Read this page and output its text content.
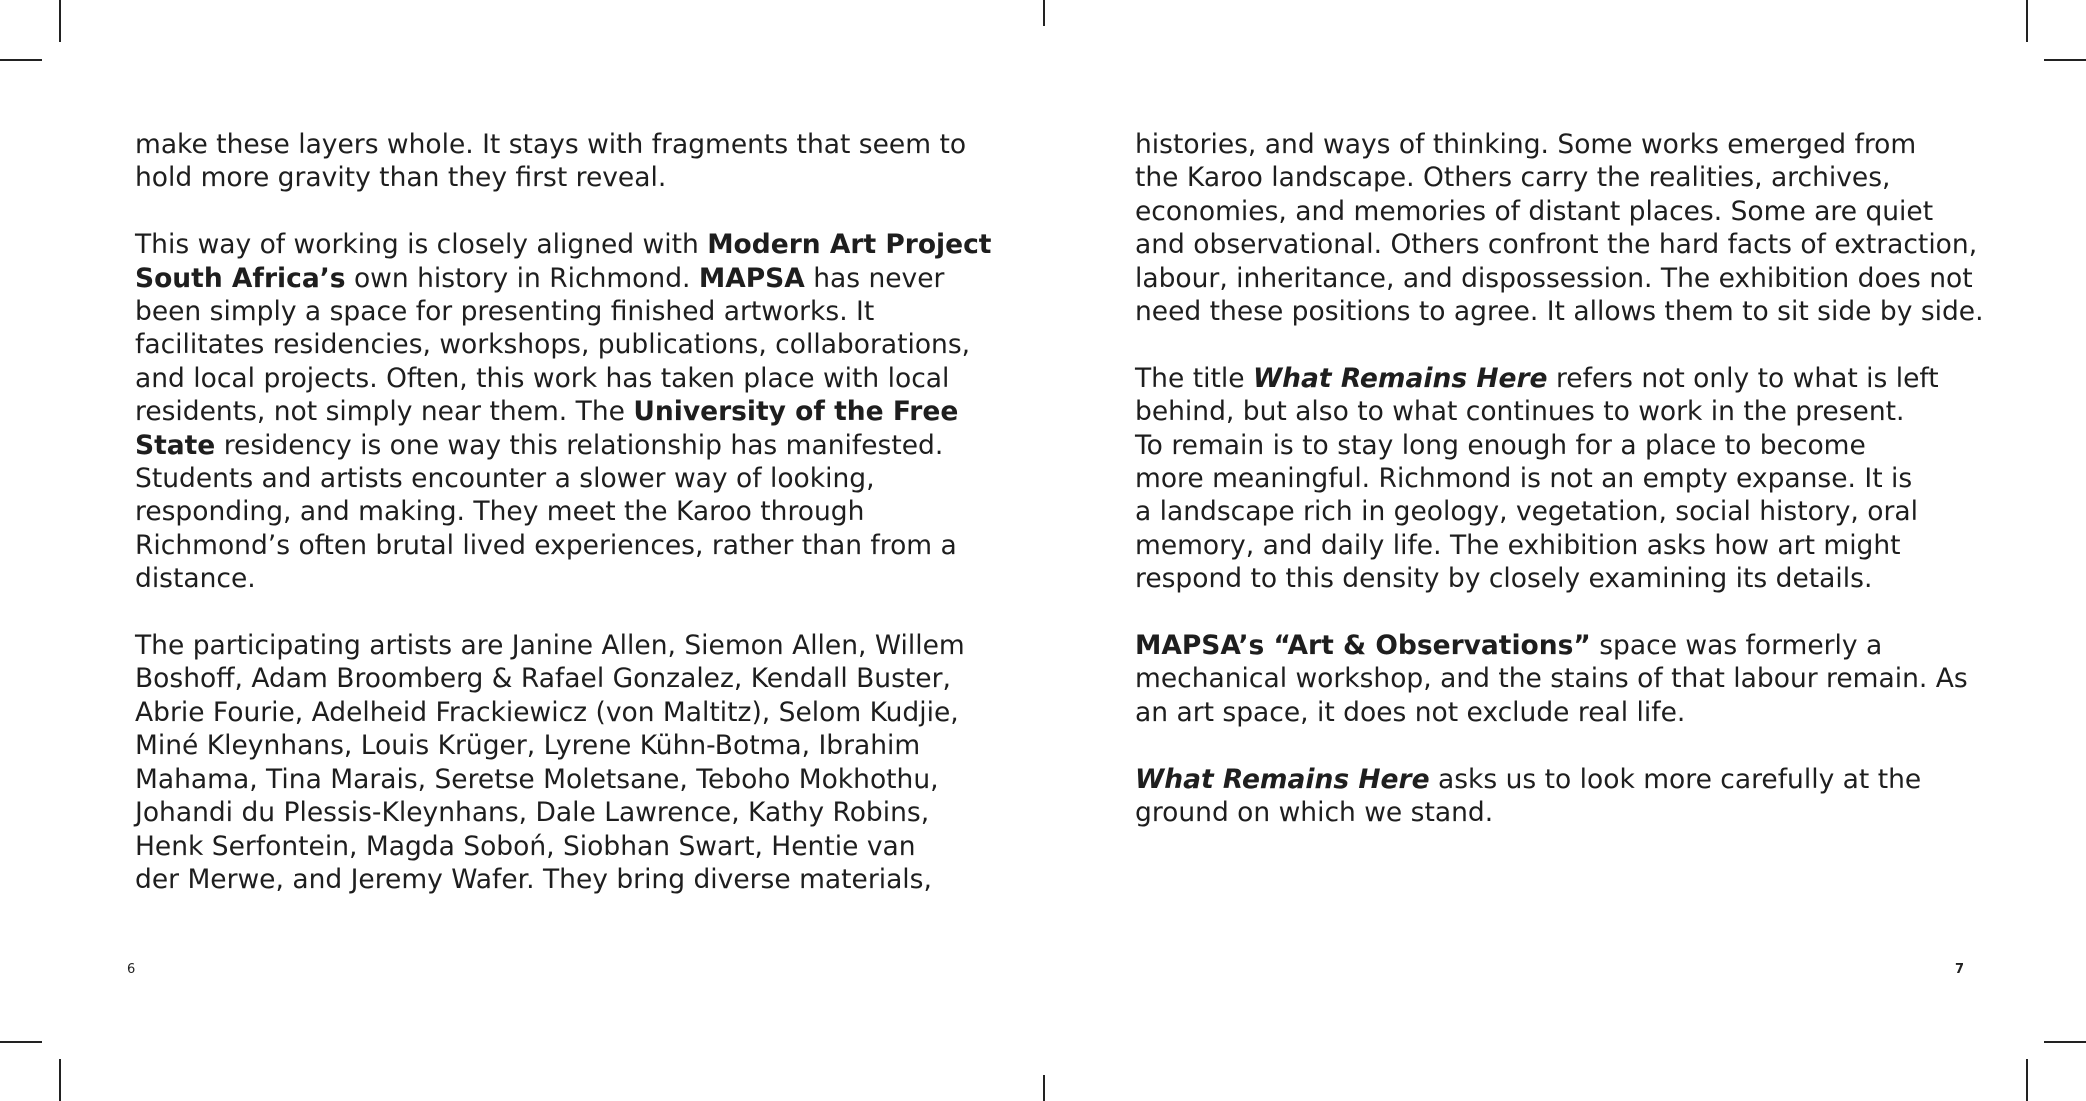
make these layers whole. It stays with fragments that seem to
hold more gravity than they first reveal.

This way of working is closely aligned with Modern Art Project
South Africa’s own history in Richmond. MAPSA has never
been simply a space for presenting finished artworks. It
facilitates residencies, workshops, publications, collaborations,
and local projects. Often, this work has taken place with local
residents, not simply near them. The University of the Free
State residency is one way this relationship has manifested.
Students and artists encounter a slower way of looking,
responding, and making. They meet the Karoo through
Richmond’s often brutal lived experiences, rather than from a
distance.

The participating artists are Janine Allen, Siemon Allen, Willem
Boshoff, Adam Broomberg & Rafael Gonzalez, Kendall Buster,
Abrie Fourie, Adelheid Frackiewicz (von Maltitz), Selom Kudjie,
Miné Kleynhans, Louis Krüger, Lyrene Kühn-Botma, Ibrahim
Mahama, Tina Marais, Seretse Moletsane, Teboho Mokhothu,
Johandi du Plessis-Kleynhans, Dale Lawrence, Kathy Robins,
Henk Serfontein, Magda Soboń, Siobhan Swart, Hentie van
der Merwe, and Jeremy Wafer. They bring diverse materials,

histories, and ways of thinking. Some works emerged from
the Karoo landscape. Others carry the realities, archives,
economies, and memories of distant places. Some are quiet
and observational. Others confront the hard facts of extraction,
labour, inheritance, and dispossession. The exhibition does not
need these positions to agree. It allows them to sit side by side.

The title What Remains Here refers not only to what is left
behind, but also to what continues to work in the present.
To remain is to stay long enough for a place to become
more meaningful. Richmond is not an empty expanse. It is
a landscape rich in geology, vegetation, social history, oral
memory, and daily life. The exhibition asks how art might
respond to this density by closely examining its details.

MAPSA’s “Art & Observations” space was formerly a
mechanical workshop, and the stains of that labour remain. As
an art space, it does not exclude real life.

What Remains Here asks us to look more carefully at the
ground on which we stand.

6	7
